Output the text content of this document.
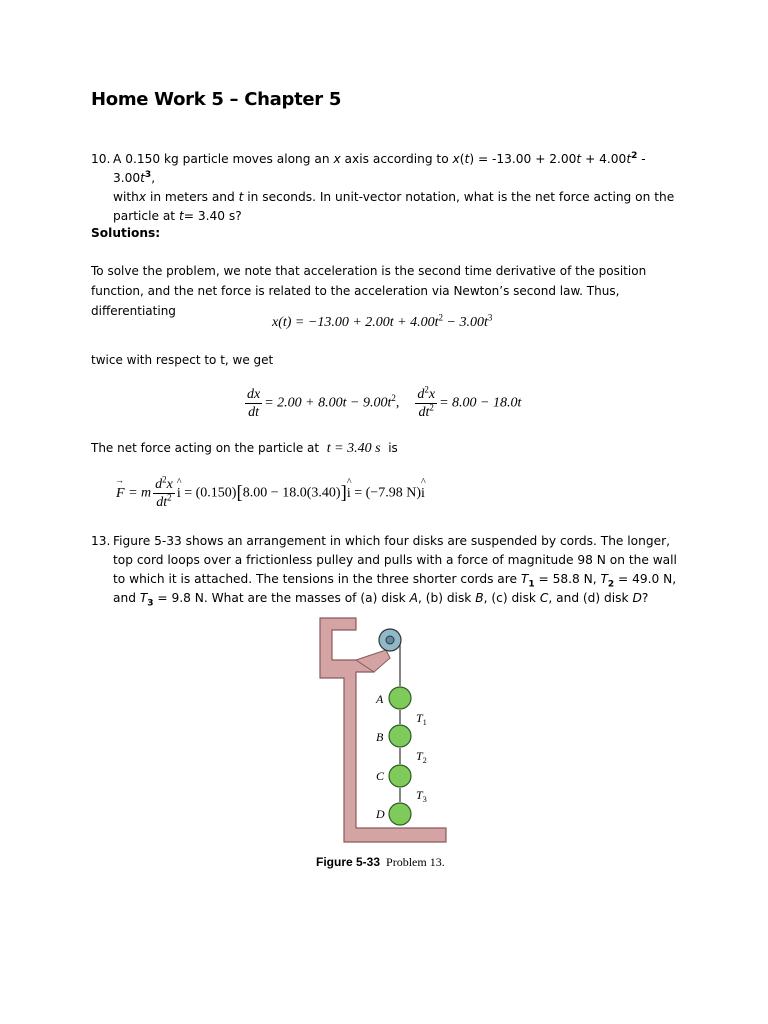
Home Work 5 – Chapter 5
10. A 0.150 kg particle moves along an x axis according to $x(t) = -13.00 + 2.00t + 4.00t^2 - 3.00t^3$,
withx in meters and t in seconds. In unit-vector notation, what is the net force acting on the
particle at t= 3.40 s?
Solutions:
To solve the problem, we note that acceleration is the second time derivative of the position function, and the net force is related to the acceleration via Newton’s second law. Thus, differentiating
$x(t) = -13.00 + 2.00t + 4.00t^2 - 3.00t^3$
twice with respect to t, we get
$\frac{dx}{dt} = 2.00 + 8.00t - 9.00t^2$, $\frac{d^2x}{dt^2} = 8.00 - 18.0t$
The net force acting on the particle at t = 3.40 s is
F → = m $\frac{d^2x}{dt^2}$ i ^ = (0.150)[8.00 − 18.0(3.40)]i ^ = (−7.98 N)i ^
13. Figure 5-33 shows an arrangement in which four disks are suspended by cords. The longer,
top cord loops over a frictionless pulley and pulls with a force of magnitude 98 N on the wall
to which it is attached. The tensions in the three shorter cords are $T_1 = 58.8$ N, $T_2 = 49.0$ N,
and $T_3 = 9.8$ N. What are the masses of (a) disk A, (b) disk B, (c) disk C, and (d) disk D?
A
B
C
D
$T_1$
$T_2$
$T_3$
Figure 5-33 Problem 13.
